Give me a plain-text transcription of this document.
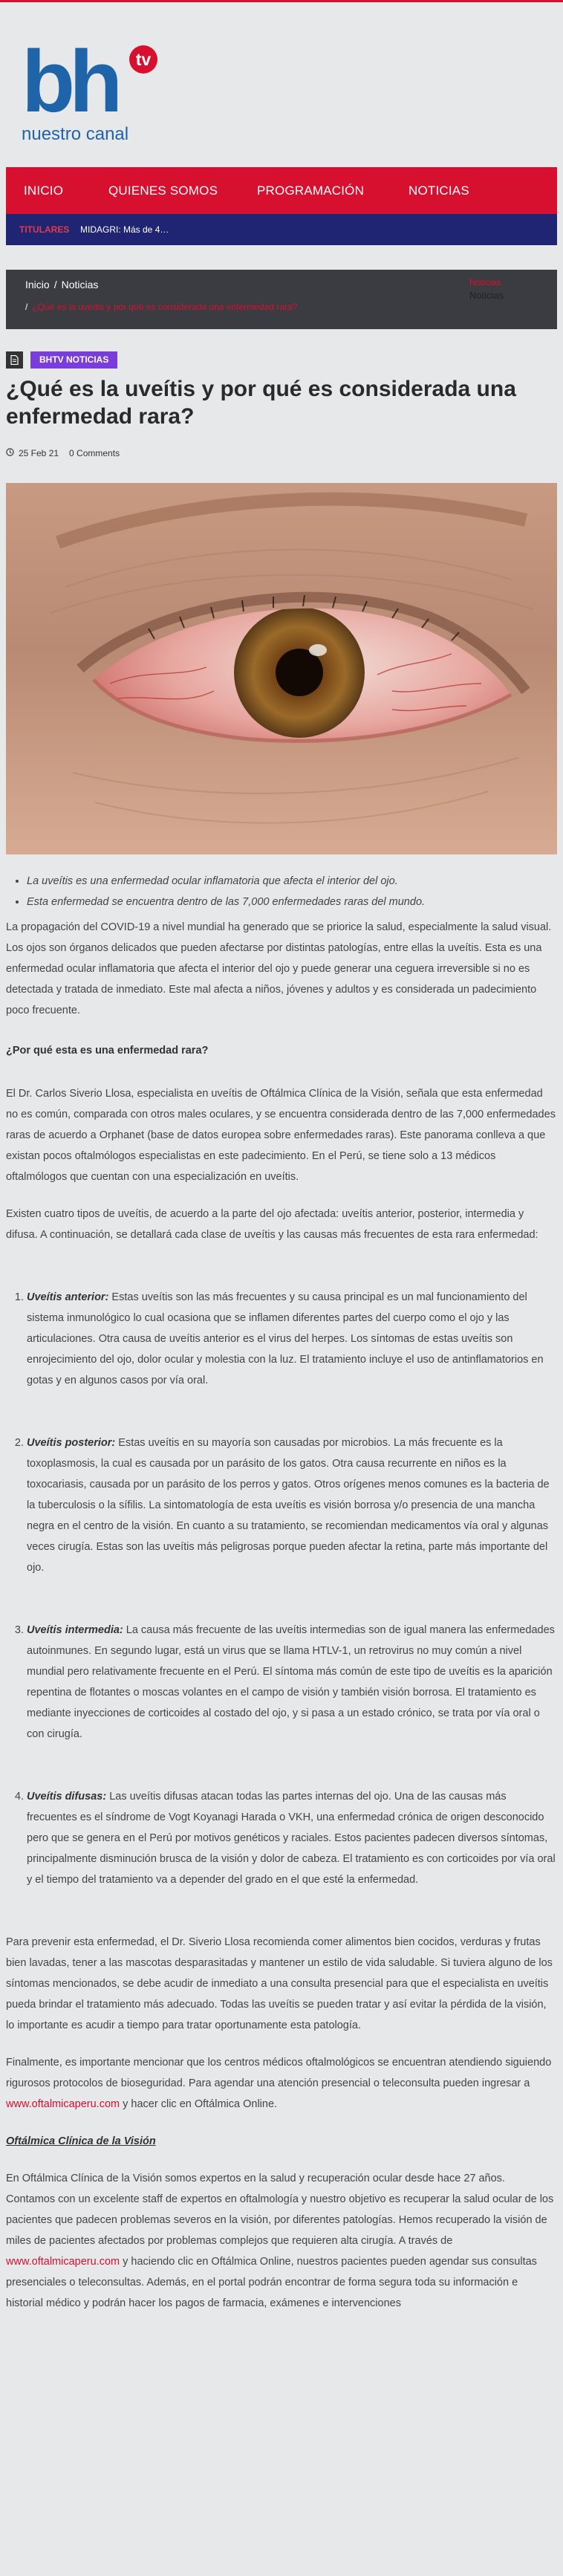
bh tv
nuestro canal
INICIO	QUIENES SOMOS	PROGRAMACIÓN	NOTICIAS
TITULARES MIDAGRI: Más de 4…
Inicio / Noticias
/ ¿Qué es la uveítis y por qué es considerada una enfermedad rara?
Noticias
Noticias
BHTV NOTICIAS
¿Qué es la uveítis y por qué es considerada una enfermedad rara?
25 Feb 21 0 Comments
• La uveítis es una enfermedad ocular inflamatoria que afecta el interior del ojo.
• Esta enfermedad se encuentra dentro de las 7,000 enfermedades raras del mundo.

La propagación del COVID-19 a nivel mundial ha generado que se priorice la salud, especialmente la salud visual. Los ojos son órganos delicados que pueden afectarse por distintas patologías, entre ellas la uveítis. Esta es una enfermedad ocular inflamatoria que afecta el interior del ojo y puede generar una ceguera irreversible si no es detectada y tratada de inmediato. Este mal afecta a niños, jóvenes y adultos y es considerada un padecimiento poco frecuente.

¿Por qué esta es una enfermedad rara?

El Dr. Carlos Siverio Llosa, especialista en uveítis de Oftálmica Clínica de la Visión, señala que esta enfermedad no es común, comparada con otros males oculares, y se encuentra considerada dentro de las 7,000 enfermedades raras de acuerdo a Orphanet (base de datos europea sobre enfermedades raras). Este panorama conlleva a que existan pocos oftalmólogos especialistas en este padecimiento. En el Perú, se tiene solo a 13 médicos oftalmólogos que cuentan con una especialización en uveítis.

Existen cuatro tipos de uveítis, de acuerdo a la parte del ojo afectada: uveítis anterior, posterior, intermedia y difusa. A continuación, se detallará cada clase de uveítis y las causas más frecuentes de esta rara enfermedad:

1. Uveítis anterior: Estas uveítis son las más frecuentes y su causa principal es un mal funcionamiento del sistema inmunológico lo cual ocasiona que se inflamen diferentes partes del cuerpo como el ojo y las articulaciones. Otra causa de uveítis anterior es el virus del herpes. Los síntomas de estas uveítis son enrojecimiento del ojo, dolor ocular y molestia con la luz. El tratamiento incluye el uso de antinflamatorios en gotas y en algunos casos por vía oral.
2. Uveítis posterior: Estas uveítis en su mayoría son causadas por microbios. La más frecuente es la toxoplasmosis, la cual es causada por un parásito de los gatos. Otra causa recurrente en niños es la toxocariasis, causada por un parásito de los perros y gatos. Otros orígenes menos comunes es la bacteria de la tuberculosis o la sífilis. La sintomatología de esta uveítis es visión borrosa y/o presencia de una mancha negra en el centro de la visión. En cuanto a su tratamiento, se recomiendan medicamentos vía oral y algunas veces cirugía. Estas son las uveítis más peligrosas porque pueden afectar la retina, parte más importante del ojo.
3. Uveítis intermedia: La causa más frecuente de las uveítis intermedias son de igual manera las enfermedades autoinmunes. En segundo lugar, está un virus que se llama HTLV-1, un retrovirus no muy común a nivel mundial pero relativamente frecuente en el Perú. El síntoma más común de este tipo de uveítis es la aparición repentina de flotantes o moscas volantes en el campo de visión y también visión borrosa. El tratamiento es mediante inyecciones de corticoides al costado del ojo, y si pasa a un estado crónico, se trata por vía oral o con cirugía.
4. Uveítis difusas: Las uveítis difusas atacan todas las partes internas del ojo. Una de las causas más frecuentes es el síndrome de Vogt Koyanagi Harada o VKH, una enfermedad crónica de origen desconocido pero que se genera en el Perú por motivos genéticos y raciales. Estos pacientes padecen diversos síntomas, principalmente disminución brusca de la visión y dolor de cabeza. El tratamiento es con corticoides por vía oral y el tiempo del tratamiento va a depender del grado en el que esté la enfermedad.

Para prevenir esta enfermedad, el Dr. Siverio Llosa recomienda comer alimentos bien cocidos, verduras y frutas bien lavadas, tener a las mascotas desparasitadas y mantener un estilo de vida saludable. Si tuviera alguno de los síntomas mencionados, se debe acudir de inmediato a una consulta presencial para que el especialista en uveítis pueda brindar el tratamiento más adecuado. Todas las uveítis se pueden tratar y así evitar la pérdida de la visión, lo importante es acudir a tiempo para tratar oportunamente esta patología.

Finalmente, es importante mencionar que los centros médicos oftalmológicos se encuentran atendiendo siguiendo rigurosos protocolos de bioseguridad. Para agendar una atención presencial o teleconsulta pueden ingresar a www.oftalmicaperu.com y hacer clic en Oftálmica Online.

Oftálmica Clínica de la Visión

En Oftálmica Clínica de la Visión somos expertos en la salud y recuperación ocular desde hace 27 años. Contamos con un excelente staff de expertos en oftalmología y nuestro objetivo es recuperar la salud ocular de los pacientes que padecen problemas severos en la visión, por diferentes patologías. Hemos recuperado la visión de miles de pacientes afectados por problemas complejos que requieren alta cirugía. A través de www.oftalmicaperu.com y haciendo clic en Oftálmica Online, nuestros pacientes pueden agendar sus consultas presenciales o teleconsultas. Además, en el portal podrán encontrar de forma segura toda su información e historial médico y podrán hacer los pagos de farmacia, exámenes e intervenciones
